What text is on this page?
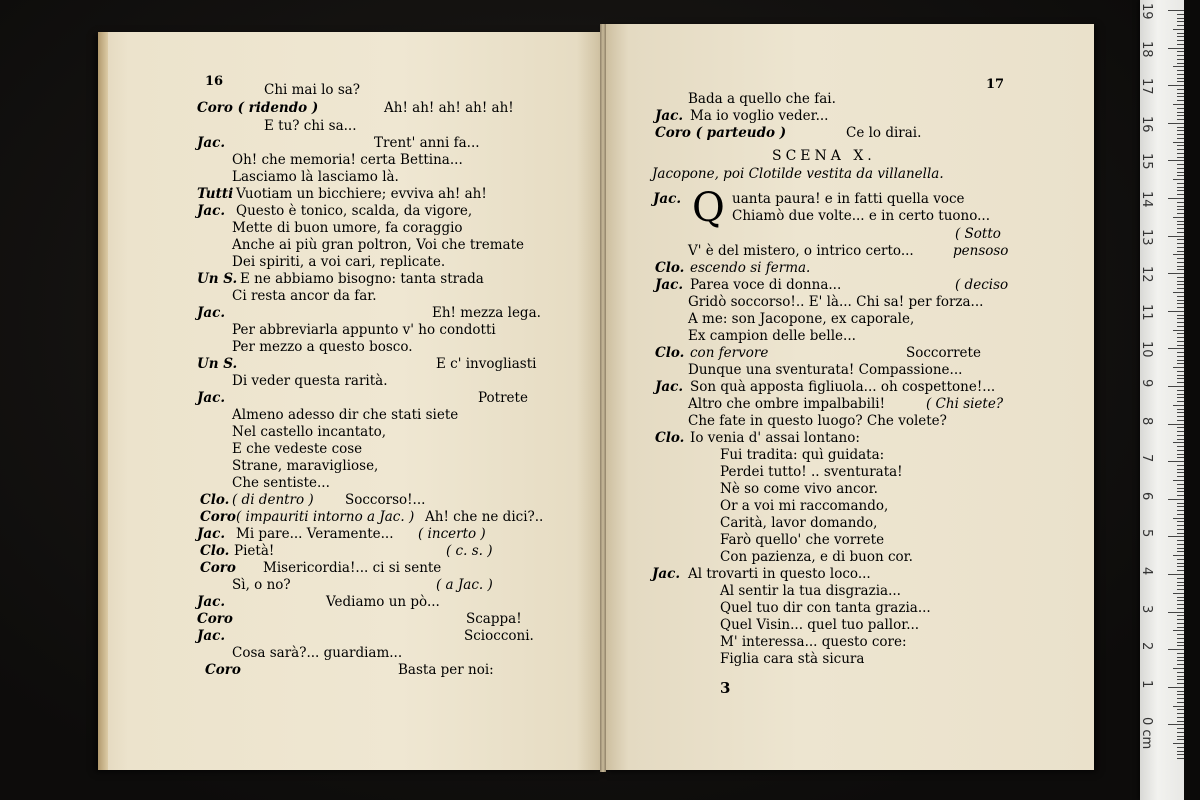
Chi mai lo sa?
Coro ( ridendo )	Ah! ah! ah! ah! ah!
E tu? chi sa...
Jac.	Trent' anni fa...
Oh! che memoria! certa Bettina...
Lasciamo là lasciamo là.
Tutti Vuotiam un bicchiere; evviva ah! ah!
Jac. Questo è tonico, scalda, da vigore,
Mette di buon umore, fa coraggio
Anche ai più gran poltron, Voi che tremate
Dei spiriti, a voi cari, replicate.
Un S. E ne abbiamo bisogno: tanta strada
Ci resta ancor da far.
Jac.	Eh! mezza lega.
Per abbreviarla appunto v' ho condotti
Per mezzo a questo bosco.
Un S.	E c' invogliasti
Di veder questa rarità.
Jac.	Potrete
Almeno adesso dir che stati siete
Nel castello incantato,
E che vedeste cose
Strane, maravigliose,
Che sentiste...
Clo. ( di dentro ) Soccorso!...
Coro ( impauriti intorno a Jac. ) Ah! che ne dici?..
Jac. Mi pare... Veramente... ( incerto )
Clo. Pietà!	( c. s. )
Coro Misericordia!... ci si sente
Sì, o no?	( a Jac. )
Jac.	Vediamo un pò...
Coro	Scappa!
Jac.	Sciocconi.
Cosa sarà?... guardiam...
Coro	Basta per noi:
Bada a quello che fai.
Jac. Ma io voglio veder...
Coro ( parteudo )	Ce lo dirai.
SCENA X.
Jacopone, poi Clotilde vestita da villanella.
Jac.	uanta paura! e in fatti quella voce
Chiamò due volte... e in certo tuono...
( Sotto
V' è del mistero, o intrico certo...	pensoso
Clo. escendo si ferma.
Jac. Parea voce di donna...	( deciso
Gridò soccorso!.. E' là... Chi sa! per forza...
A me: son Jacopone, ex caporale,
Ex campion delle belle...
Clo. con fervore	Soccorrete
Dunque una sventurata! Compassione...
Jac. Son quà apposta figliuola... oh cospettone!...
Altro che ombre impalbabili!	( Chi siete?
Che fate in questo luogo? Che volete?
Clo. Io venia d' assai lontano:
Fui tradita: quì guidata:
Perdei tutto! .. sventurata!
Nè so come vivo ancor.
Or a voi mi raccomando,
Carità, lavor domando,
Farò quello' che vorrete
Con pazienza, e di buon cor.
Jac. Al trovarti in questo loco...
Al sentir la tua disgrazia...
Quel tuo dir con tanta grazia...
Quel Visin... quel tuo pallor...
M' interessa... questo core:
Figlia cara stà sicura
16	17
Q
3
19
18
17
16
15
14
13
12
11
10
9
8
7
6
5
4
3
2
1
0 cm
